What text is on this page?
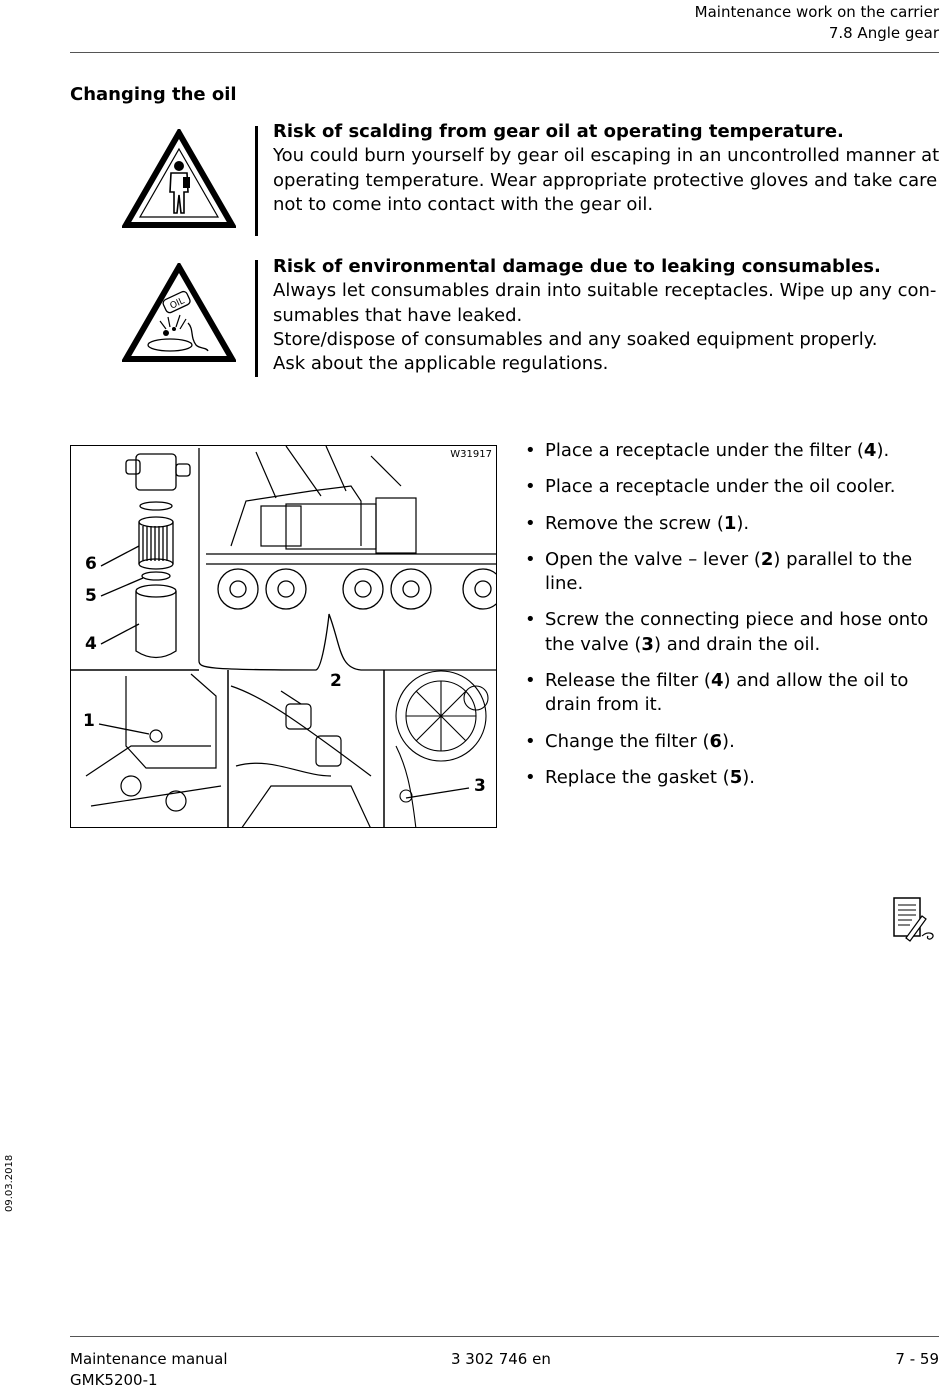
Maintenance work on the carrier
7.8 Angle gear
Changing the oil
Risk of scalding from gear oil at operating temperature.
You could burn yourself by gear oil escaping in an uncontrolled manner at operating temperature. Wear appropriate protective gloves and take care not to come into contact with the gear oil.
OIL
Risk of environmental damage due to leaking consumables.
Always let consumables drain into suitable receptacles. Wipe up any con-
sumables that have leaked.
Store/dispose of consumables and any soaked equipment properly.
Ask about the applicable regulations.
W31917
6
5
4
1
2
3
• Place a receptacle under the filter (4).
• Place a receptacle under the oil cooler.
• Remove the screw (1).
• Open the valve – lever (2) parallel to the line.
• Screw the connecting piece and hose onto the valve (3) and drain the oil.
• Release the filter (4) and allow the oil to drain from it.
• Change the filter (6).
• Replace the gasket (5).
09.03.2018
Maintenance manual
GMK5200-1
3 302 746 en	7 - 59
